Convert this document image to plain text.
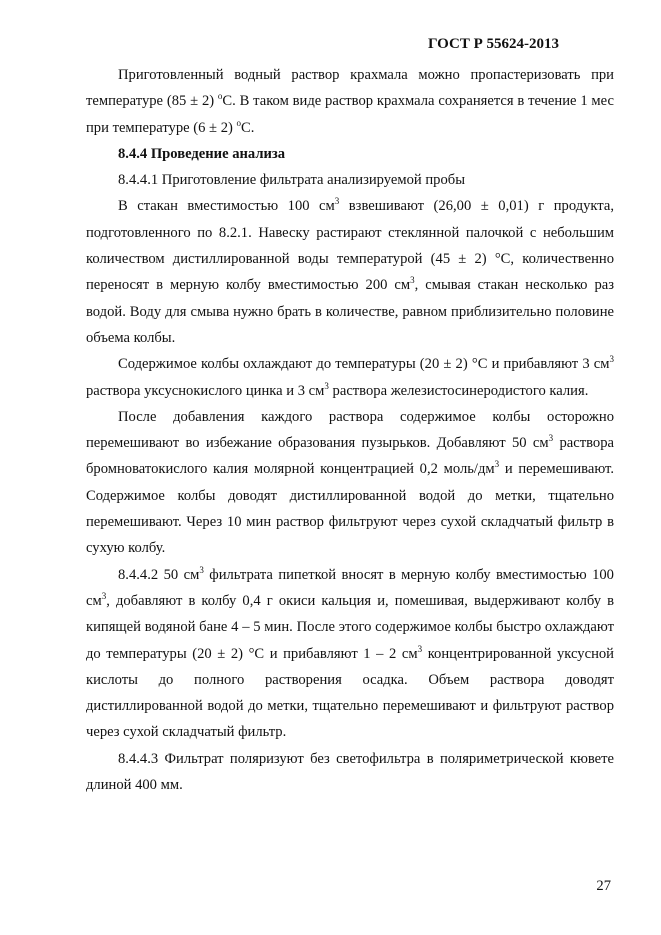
ГОСТ Р 55624-2013

Приготовленный водный раствор крахмала можно пропастеризовать при температуре (85 ± 2) $^o$С. В таком виде раствор крахмала сохраняется в течение 1 мес при температуре (6 ± 2) $^o$С.

8.4.4 Проведение анализа

8.4.4.1 Приготовление фильтрата анализируемой пробы

В стакан вместимостью 100 $см^3$ взвешивают (26,00 ± 0,01) г продукта, подготовленного по 8.2.1. Навеску растирают стеклянной палочкой с небольшим количеством дистиллированной воды температурой (45 ± 2) °С, количественно переносят в мерную колбу вместимостью 200 $см^3$, смывая стакан несколько раз водой. Воду для смыва нужно брать в количестве, равном приблизительно половине объема колбы.

Содержимое колбы охлаждают до температуры (20 ± 2) °С и прибавляют 3 $см^3$ раствора уксуснокислого цинка и 3 $см^3$ раствора железистосинеродистого калия.

После добавления каждого раствора содержимое колбы осторожно перемешивают во избежание образования пузырьков. Добавляют 50 $см^3$ раствора бромноватокислого калия молярной концентрацией 0,2 моль/$дм^3$ и перемешивают. Содержимое колбы доводят дистиллированной водой до метки, тщательно перемешивают. Через 10 мин раствор фильтруют через сухой складчатый фильтр в сухую колбу.

8.4.4.2 50 $см^3$ фильтрата пипеткой вносят в мерную колбу вместимостью 100 $см^3$, добавляют в колбу 0,4 г окиси кальция и, помешивая, выдерживают колбу в кипящей водяной бане 4 – 5 мин. После этого содержимое колбы быстро охлаждают до температуры (20 ± 2) °С и прибавляют 1 – 2 $см^3$ концентрированной уксусной кислоты до полного растворения осадка. Объем раствора доводят дистиллированной водой до метки, тщательно перемешивают и фильтруют раствор через сухой складчатый фильтр.

8.4.4.3 Фильтрат поляризуют без светофильтра в поляриметрической кювете длиной 400 мм.

27
